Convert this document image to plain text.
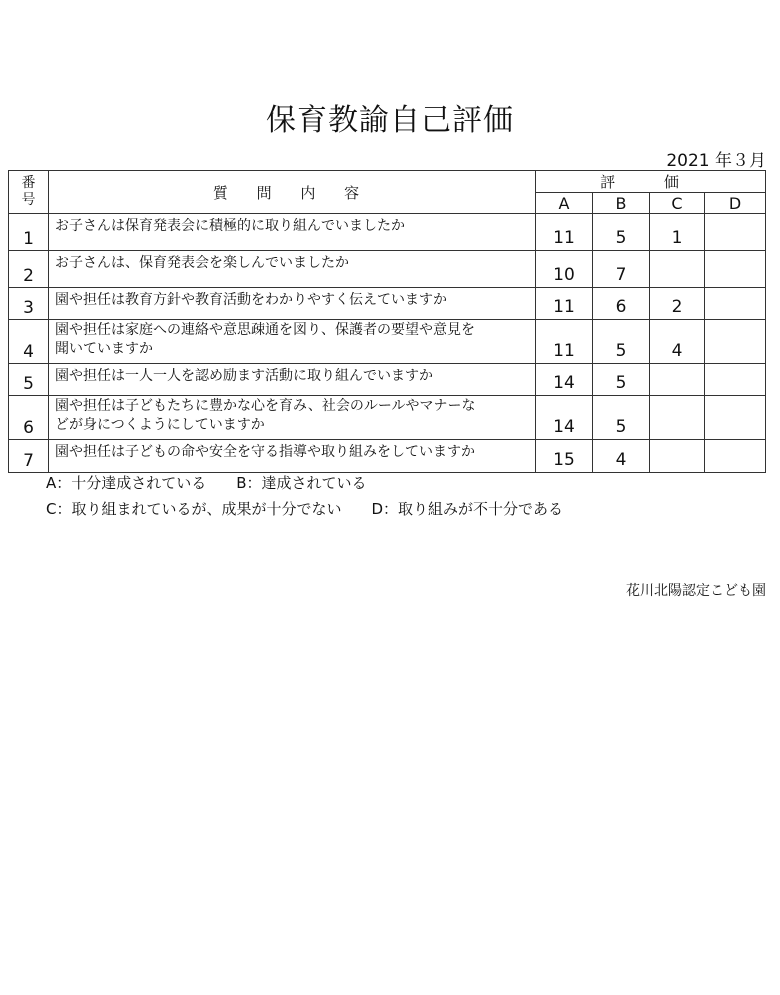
保育教諭自己評価
2021 年３月
番
号	質 問 内 容	評 価			
		A	B	C	D
1	お子さんは保育発表会に積極的に取り組んでいましたか	11	5	1	
2	お子さんは、保育発表会を楽しんでいましたか	10	7		
3	園や担任は教育方針や教育活動をわかりやすく伝えていますか	11	6	2	
4	園や担任は家庭への連絡や意思疎通を図り、保護者の要望や意見を
聞いていますか	11	5	4	
5	園や担任は一人一人を認め励ます活動に取り組んでいますか	14	5		
6	園や担任は子どもたちに豊かな心を育み、社会のルールやマナーな
どが身につくようにしていますか	14	5		
7	園や担任は子どもの命や安全を守る指導や取り組みをしていますか	15	4		
A：十分達成されている　　B：達成されている
C：取り組まれているが、成果が十分でない　　D：取り組みが不十分である
花川北陽認定こども園
